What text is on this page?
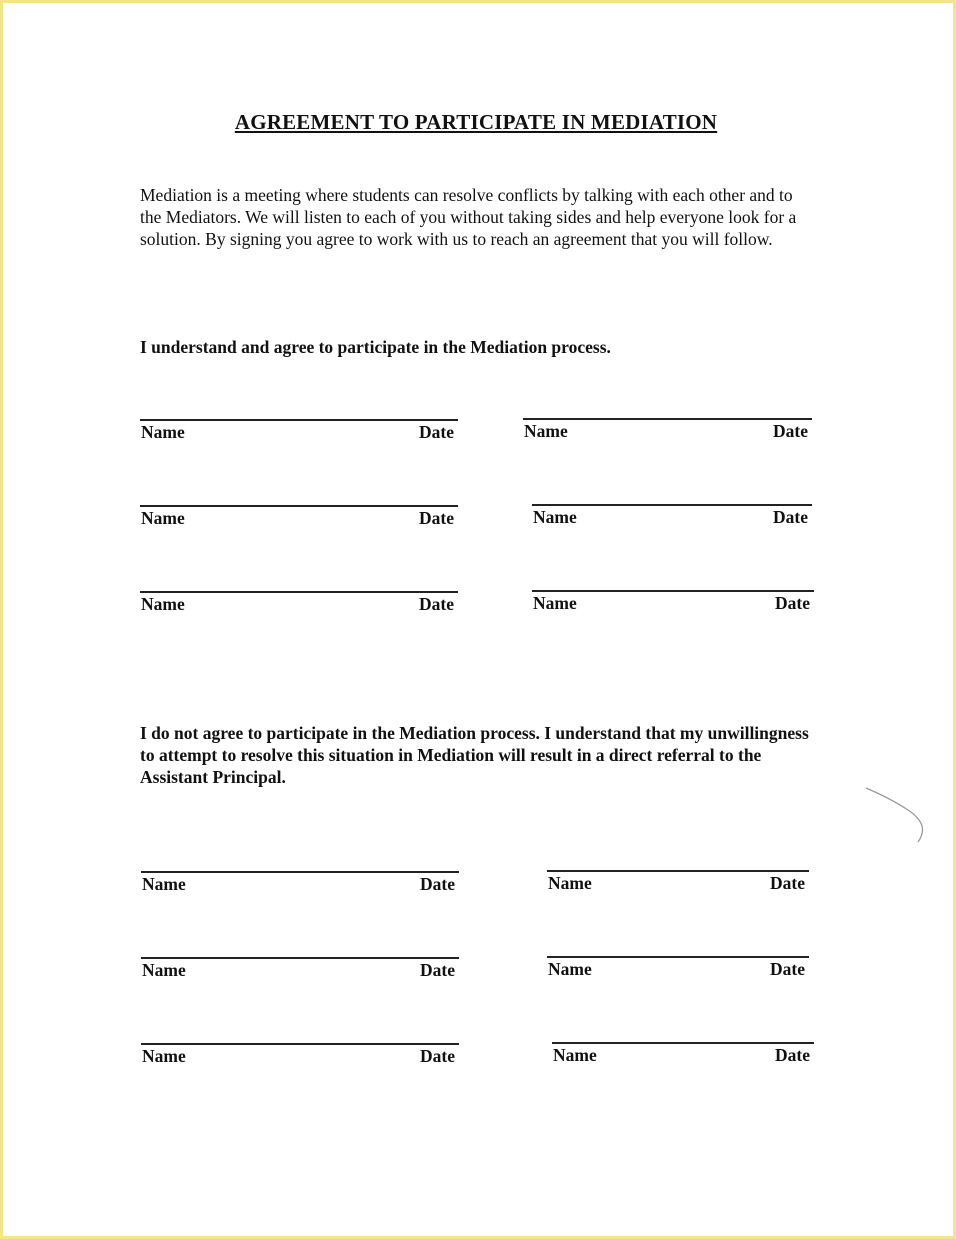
AGREEMENT TO PARTICIPATE IN MEDIATION

Mediation is a meeting where students can resolve conflicts by talking with each other and to the Mediators. We will listen to each of you without taking sides and help everyone look for a solution. By signing you agree to work with us to reach an agreement that you will follow.

I understand and agree to participate in the Mediation process.

Name	Date	Name	Date
Name	Date	Name	Date
Name	Date	Name	Date

I do not agree to participate in the Mediation process. I understand that my unwillingness to attempt to resolve this situation in Mediation will result in a direct referral to the Assistant Principal.

Name	Date	Name	Date
Name	Date	Name	Date
Name	Date	Name	Date
